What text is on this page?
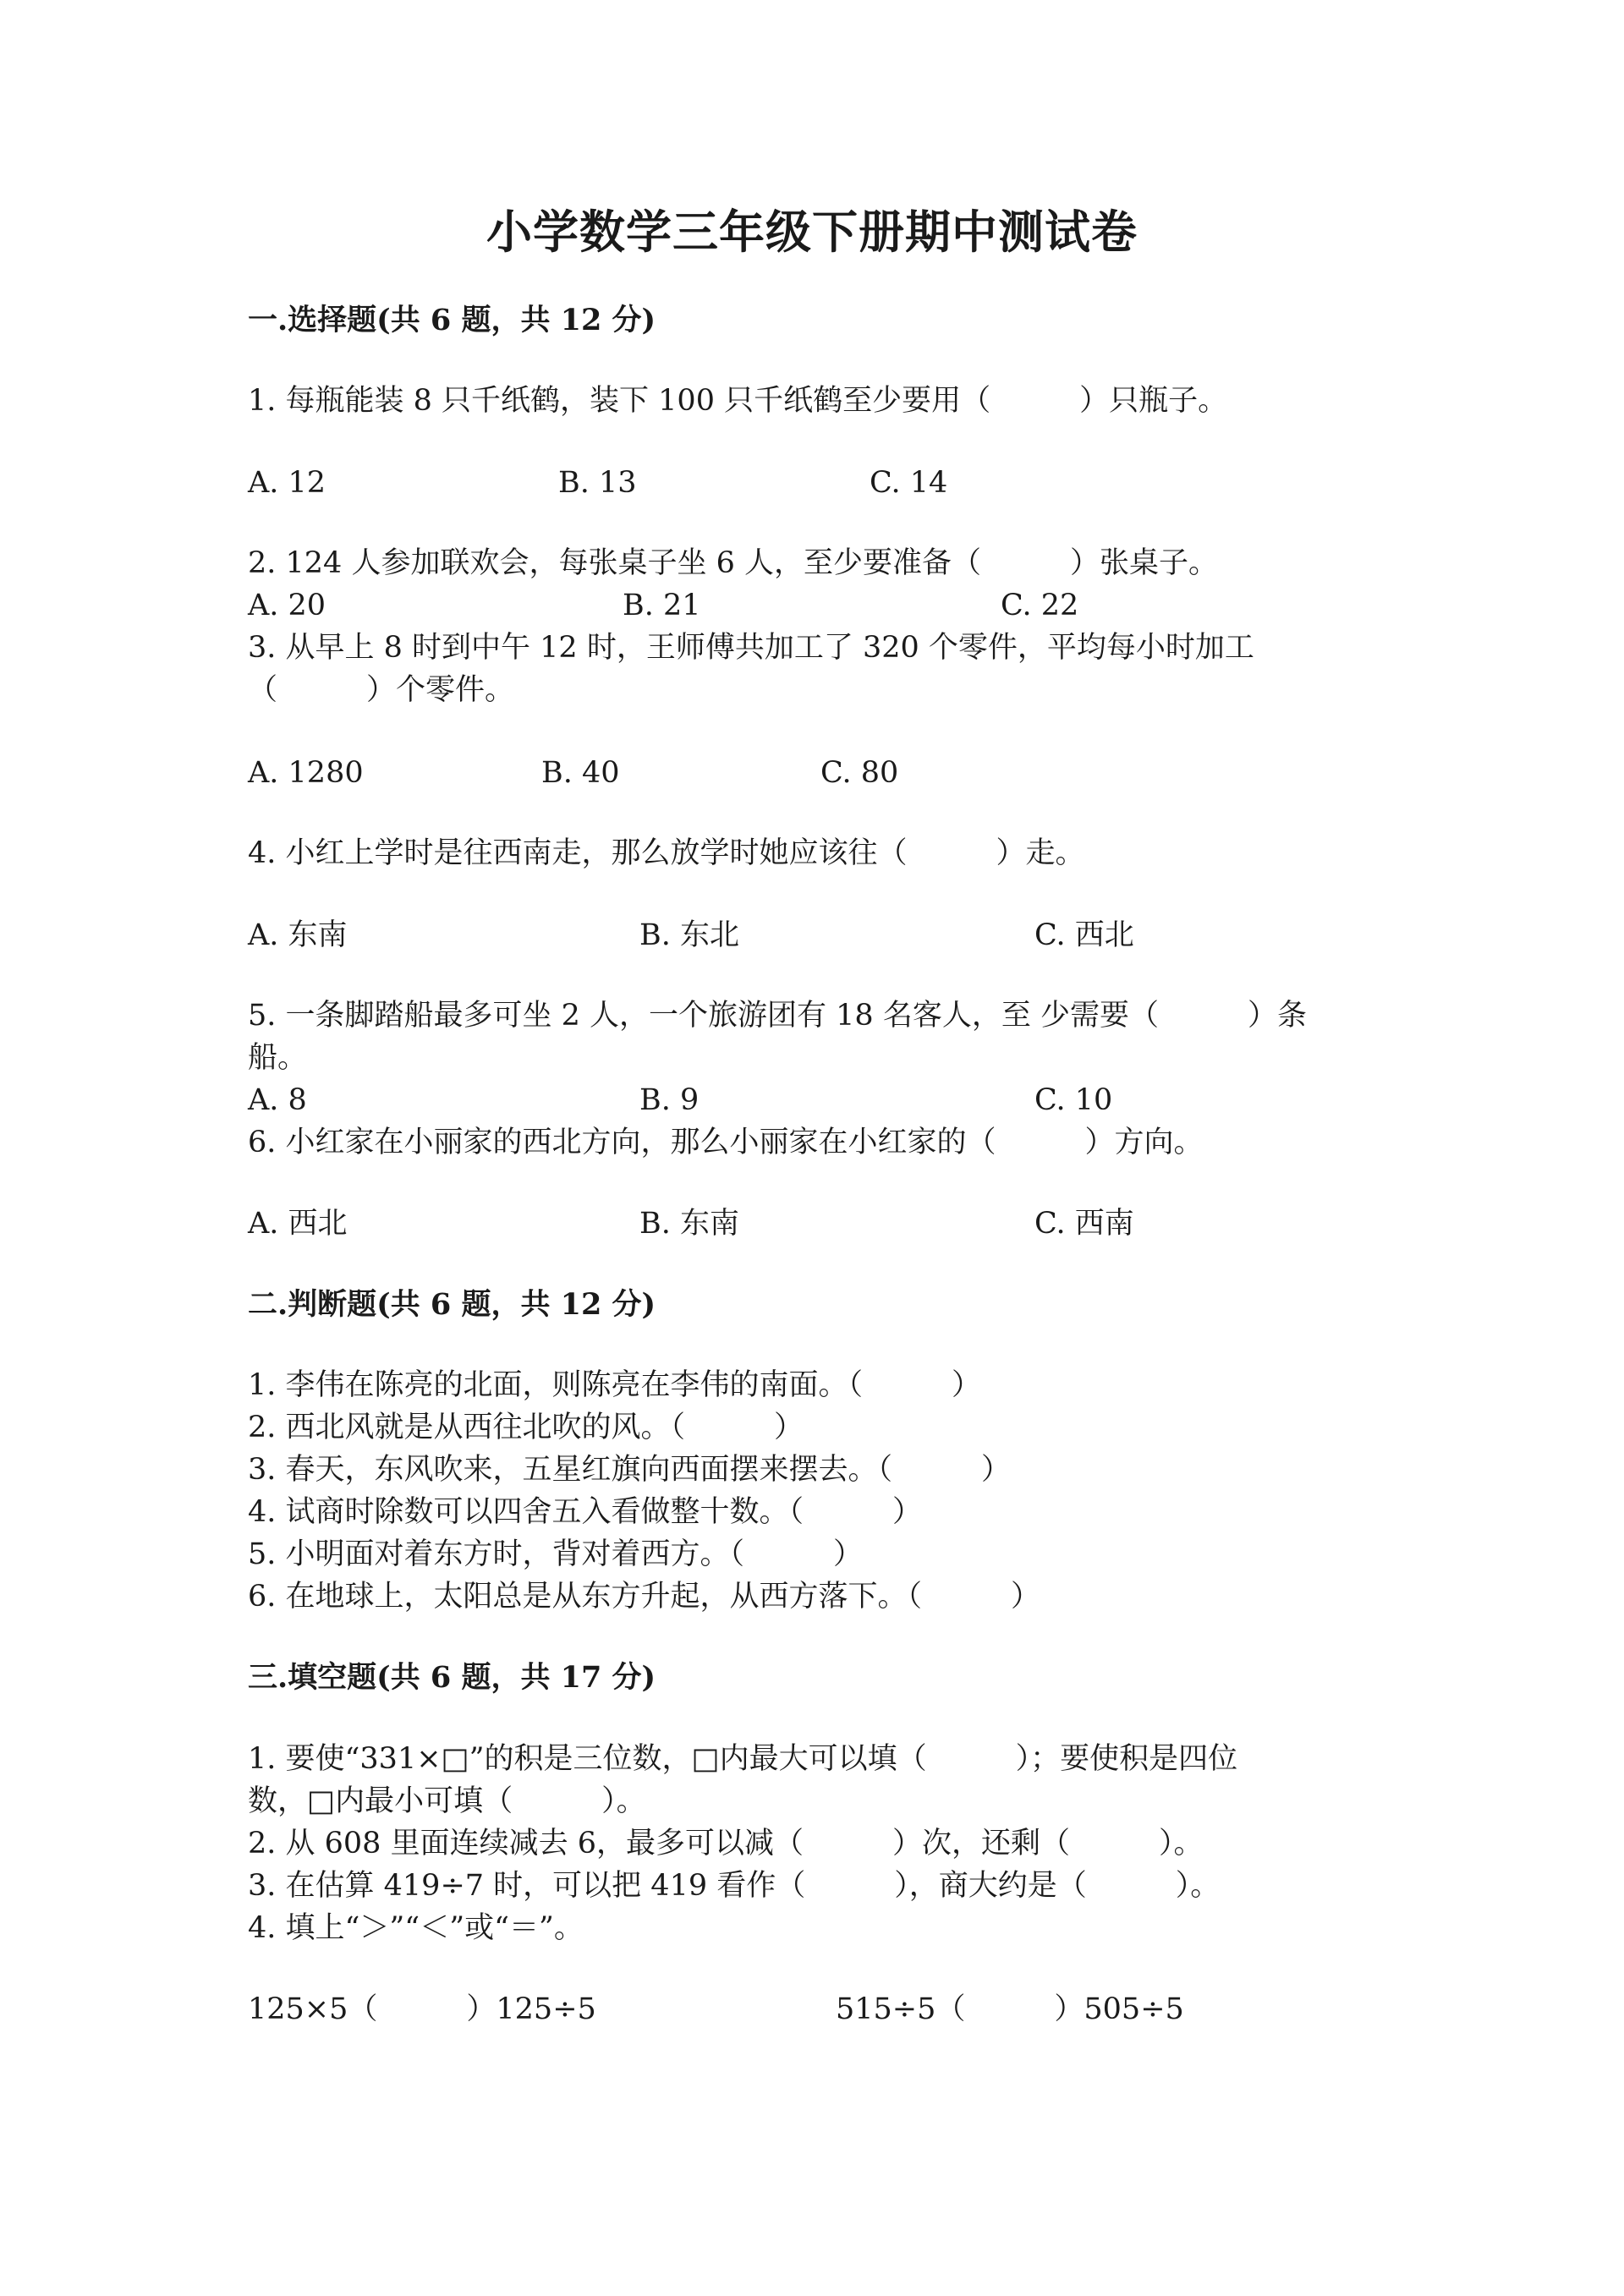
小学数学三年级下册期中测试卷
一.选择题(共 6 题，共 12 分)
1. 每瓶能装 8 只千纸鹤，装下 100 只千纸鹤至少要用（　　　）只瓶子。
A. 12	B. 13	C. 14
2. 124 人参加联欢会，每张桌子坐 6 人，至少要准备（　　　）张桌子。
A. 20	B. 21	C. 22
3. 从早上 8 时到中午 12 时，王师傅共加工了 320 个零件，平均每小时加工
（　　　）个零件。
A. 1280	B. 40	C. 80
4. 小红上学时是往西南走，那么放学时她应该往（　　　）走。
A. 东南	B. 东北	C. 西北
5. 一条脚踏船最多可坐 2 人，一个旅游团有 18 名客人，至 少需要（　　　）条
船。
A. 8	B. 9	C. 10
6. 小红家在小丽家的西北方向，那么小丽家在小红家的（　　　）方向。
A. 西北	B. 东南	C. 西南
二.判断题(共 6 题，共 12 分)
1. 李伟在陈亮的北面，则陈亮在李伟的南面。（　　　）
2. 西北风就是从西往北吹的风。（　　　）
3. 春天，东风吹来，五星红旗向西面摆来摆去。（　　　）
4. 试商时除数可以四舍五入看做整十数。（　　　）
5. 小明面对着东方时，背对着西方。（　　　）
6. 在地球上，太阳总是从东方升起，从西方落下。（　　　）
三.填空题(共 6 题，共 17 分)
1. 要使“331×□”的积是三位数，□内最大可以填（　　　）；要使积是四位
数，□内最小可填（　　　）。
2. 从 608 里面连续减去 6，最多可以减（　　　）次，还剩（　　　）。
3. 在估算 419÷7 时，可以把 419 看作（　　　），商大约是（　　　）。
4. 填上“＞”“＜”或“＝”。
125×5（　　　）125÷5	515÷5（　　　）505÷5
